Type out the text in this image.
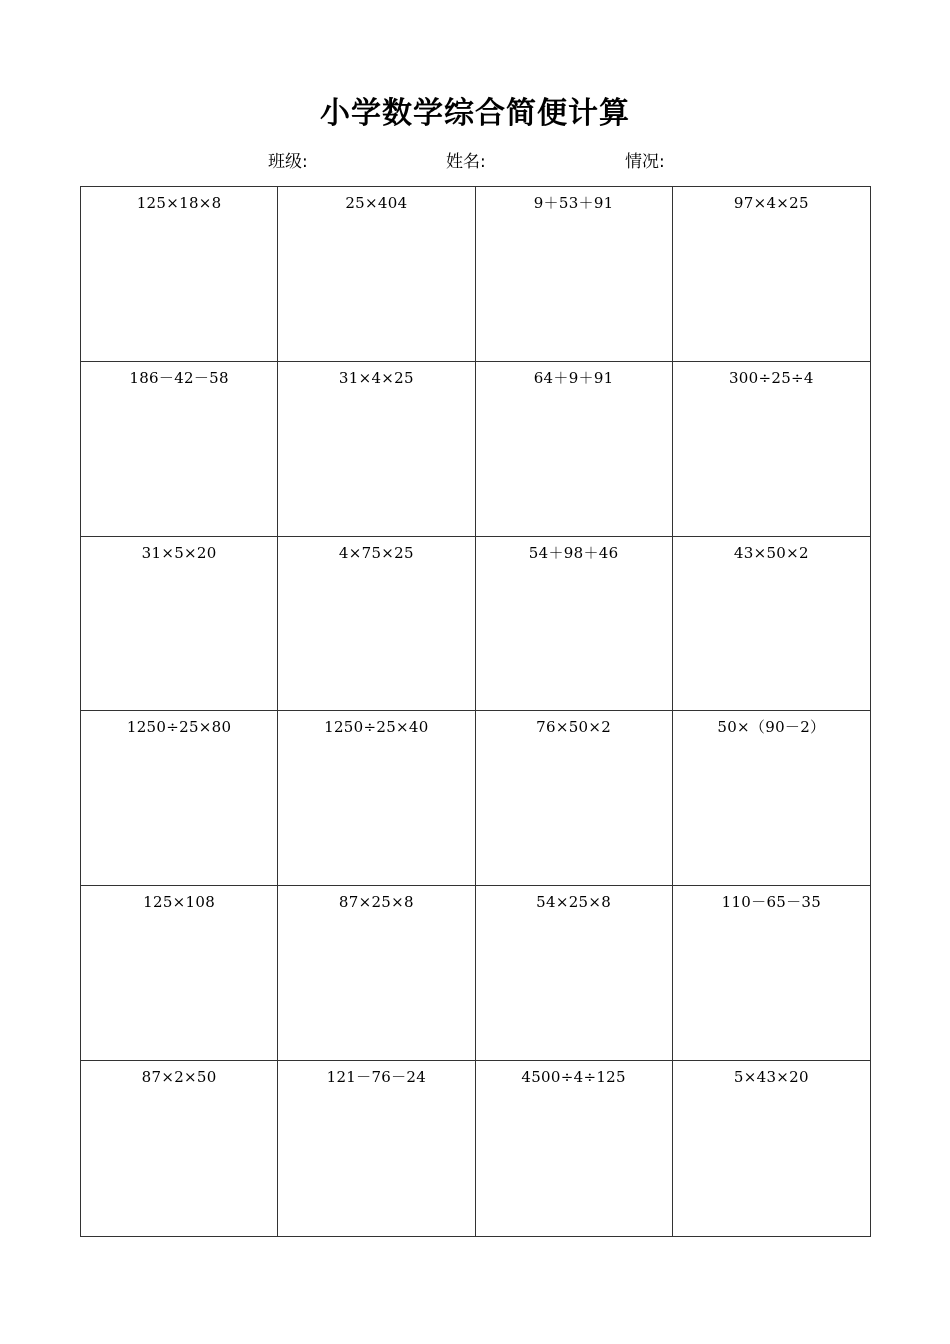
小学数学综合简便计算
班级:	姓名:	情况:
125×18×8	25×404	9＋53＋91	97×4×25
186－42－58	31×4×25	64＋9＋91	300÷25÷4
31×5×20	4×75×25	54＋98＋46	43×50×2
1250÷25×80	1250÷25×40	76×50×2	50×（90－2）
125×108	87×25×8	54×25×8	110－65－35
87×2×50	121－76－24	4500÷4÷125	5×43×20
